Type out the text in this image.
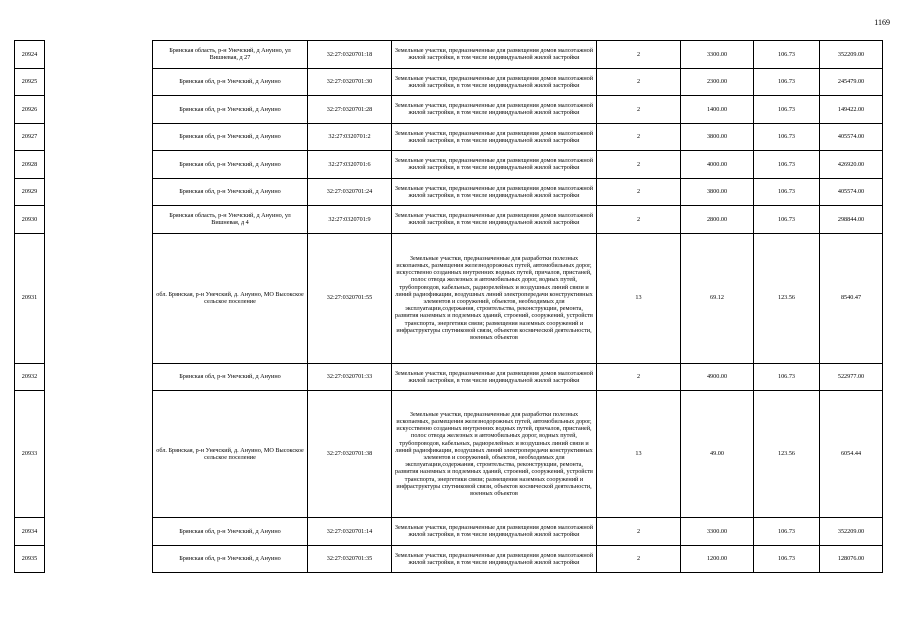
1169
20924		Брянская область, р-н Унечский, д Ануино, ул Вишневая, д 27	32:27:0320701:18	Земельные участки, предназначенные для размещения домов малоэтажной жилой застройки, в том числе индивидуальной жилой застройки	2	3300.00	106.73	352209.00
20925		Брянская обл, р-н Унечский, д Ануино	32:27:0320701:30	Земельные участки, предназначенные для размещения домов малоэтажной жилой застройки, в том числе индивидуальной жилой застройки	2	2300.00	106.73	245479.00
20926		Брянская обл, р-н Унечский, д Ануино	32:27:0320701:28	Земельные участки, предназначенные для размещения домов малоэтажной жилой застройки, в том числе индивидуальной жилой застройки	2	1400.00	106.73	149422.00
20927		Брянская обл, р-н Унечский, д Ануино	32:27:0320701:2	Земельные участки, предназначенные для размещения домов малоэтажной жилой застройки, в том числе индивидуальной жилой застройки	2	3800.00	106.73	405574.00
20928		Брянская обл, р-н Унечский, д Ануино	32:27:0320701:6	Земельные участки, предназначенные для размещения домов малоэтажной жилой застройки, в том числе индивидуальной жилой застройки	2	4000.00	106.73	426920.00
20929		Брянская обл, р-н Унечский, д Ануино	32:27:0320701:24	Земельные участки, предназначенные для размещения домов малоэтажной жилой застройки, в том числе индивидуальной жилой застройки	2	3800.00	106.73	405574.00
20930		Брянская область, р-н Унечский, д Ануино, ул Вишневая, д 4	32:27:0320701:9	Земельные участки, предназначенные для размещения домов малоэтажной жилой застройки, в том числе индивидуальной жилой застройки	2	2800.00	106.73	298844.00
20931		обл. Брянская, р-н Унечский, д. Ануино, МО Высокское сельское поселение	32:27:0320701:55	Земельные участки, предназначенные для разработки полезных ископаемых, размещения железнодорожных путей, автомобильных дорог, искусственно созданных внутренних водных путей, причалов, пристаней, полос отвода железных и автомобильных дорог, водных путей, трубопроводов, кабельных, радиорелейных и воздушных линий связи и линий радиофикации, воздушных линий электропередачи конструктивных элементов и сооружений, объектов, необходимых для эксплуатации,содержания, строительства, реконструкции, ремонта, развития наземных и подземных зданий, строений, сооружений, устройств транспорта, энергетики связи; размещения наземных сооружений и инфраструктуры спутниковой связи, объектов космической деятельности, военных объектов	13	69.12	123.56	8540.47
20932		Брянская обл, р-н Унечский, д Ануино	32:27:0320701:33	Земельные участки, предназначенные для размещения домов малоэтажной жилой застройки, в том числе индивидуальной жилой застройки	2	4900.00	106.73	522977.00
20933		обл. Брянская, р-н Унечский, д. Ануино, МО Высокское сельское поселение	32:27:0320701:38	Земельные участки, предназначенные для разработки полезных ископаемых, размещения железнодорожных путей, автомобильных дорог, искусственно созданных внутренних водных путей, причалов, пристаней, полос отвода железных и автомобильных дорог, водных путей, трубопроводов, кабельных, радиорелейных и воздушных линий связи и линий радиофикации, воздушных линий электропередачи конструктивных элементов и сооружений, объектов, необходимых для эксплуатации,содержания, строительства, реконструкции, ремонта, развития наземных и подземных зданий, строений, сооружений, устройств транспорта, энергетики связи; размещения наземных сооружений и инфраструктуры спутниковой связи, объектов космической деятельности, военных объектов	13	49.00	123.56	6054.44
20934		Брянская обл, р-н Унечский, д Ануино	32:27:0320701:14	Земельные участки, предназначенные для размещения домов малоэтажной жилой застройки, в том числе индивидуальной жилой застройки	2	3300.00	106.73	352209.00
20935		Брянская обл, р-н Унечский, д Ануино	32:27:0320701:35	Земельные участки, предназначенные для размещения домов малоэтажной жилой застройки, в том числе индивидуальной жилой застройки	2	1200.00	106.73	128076.00
